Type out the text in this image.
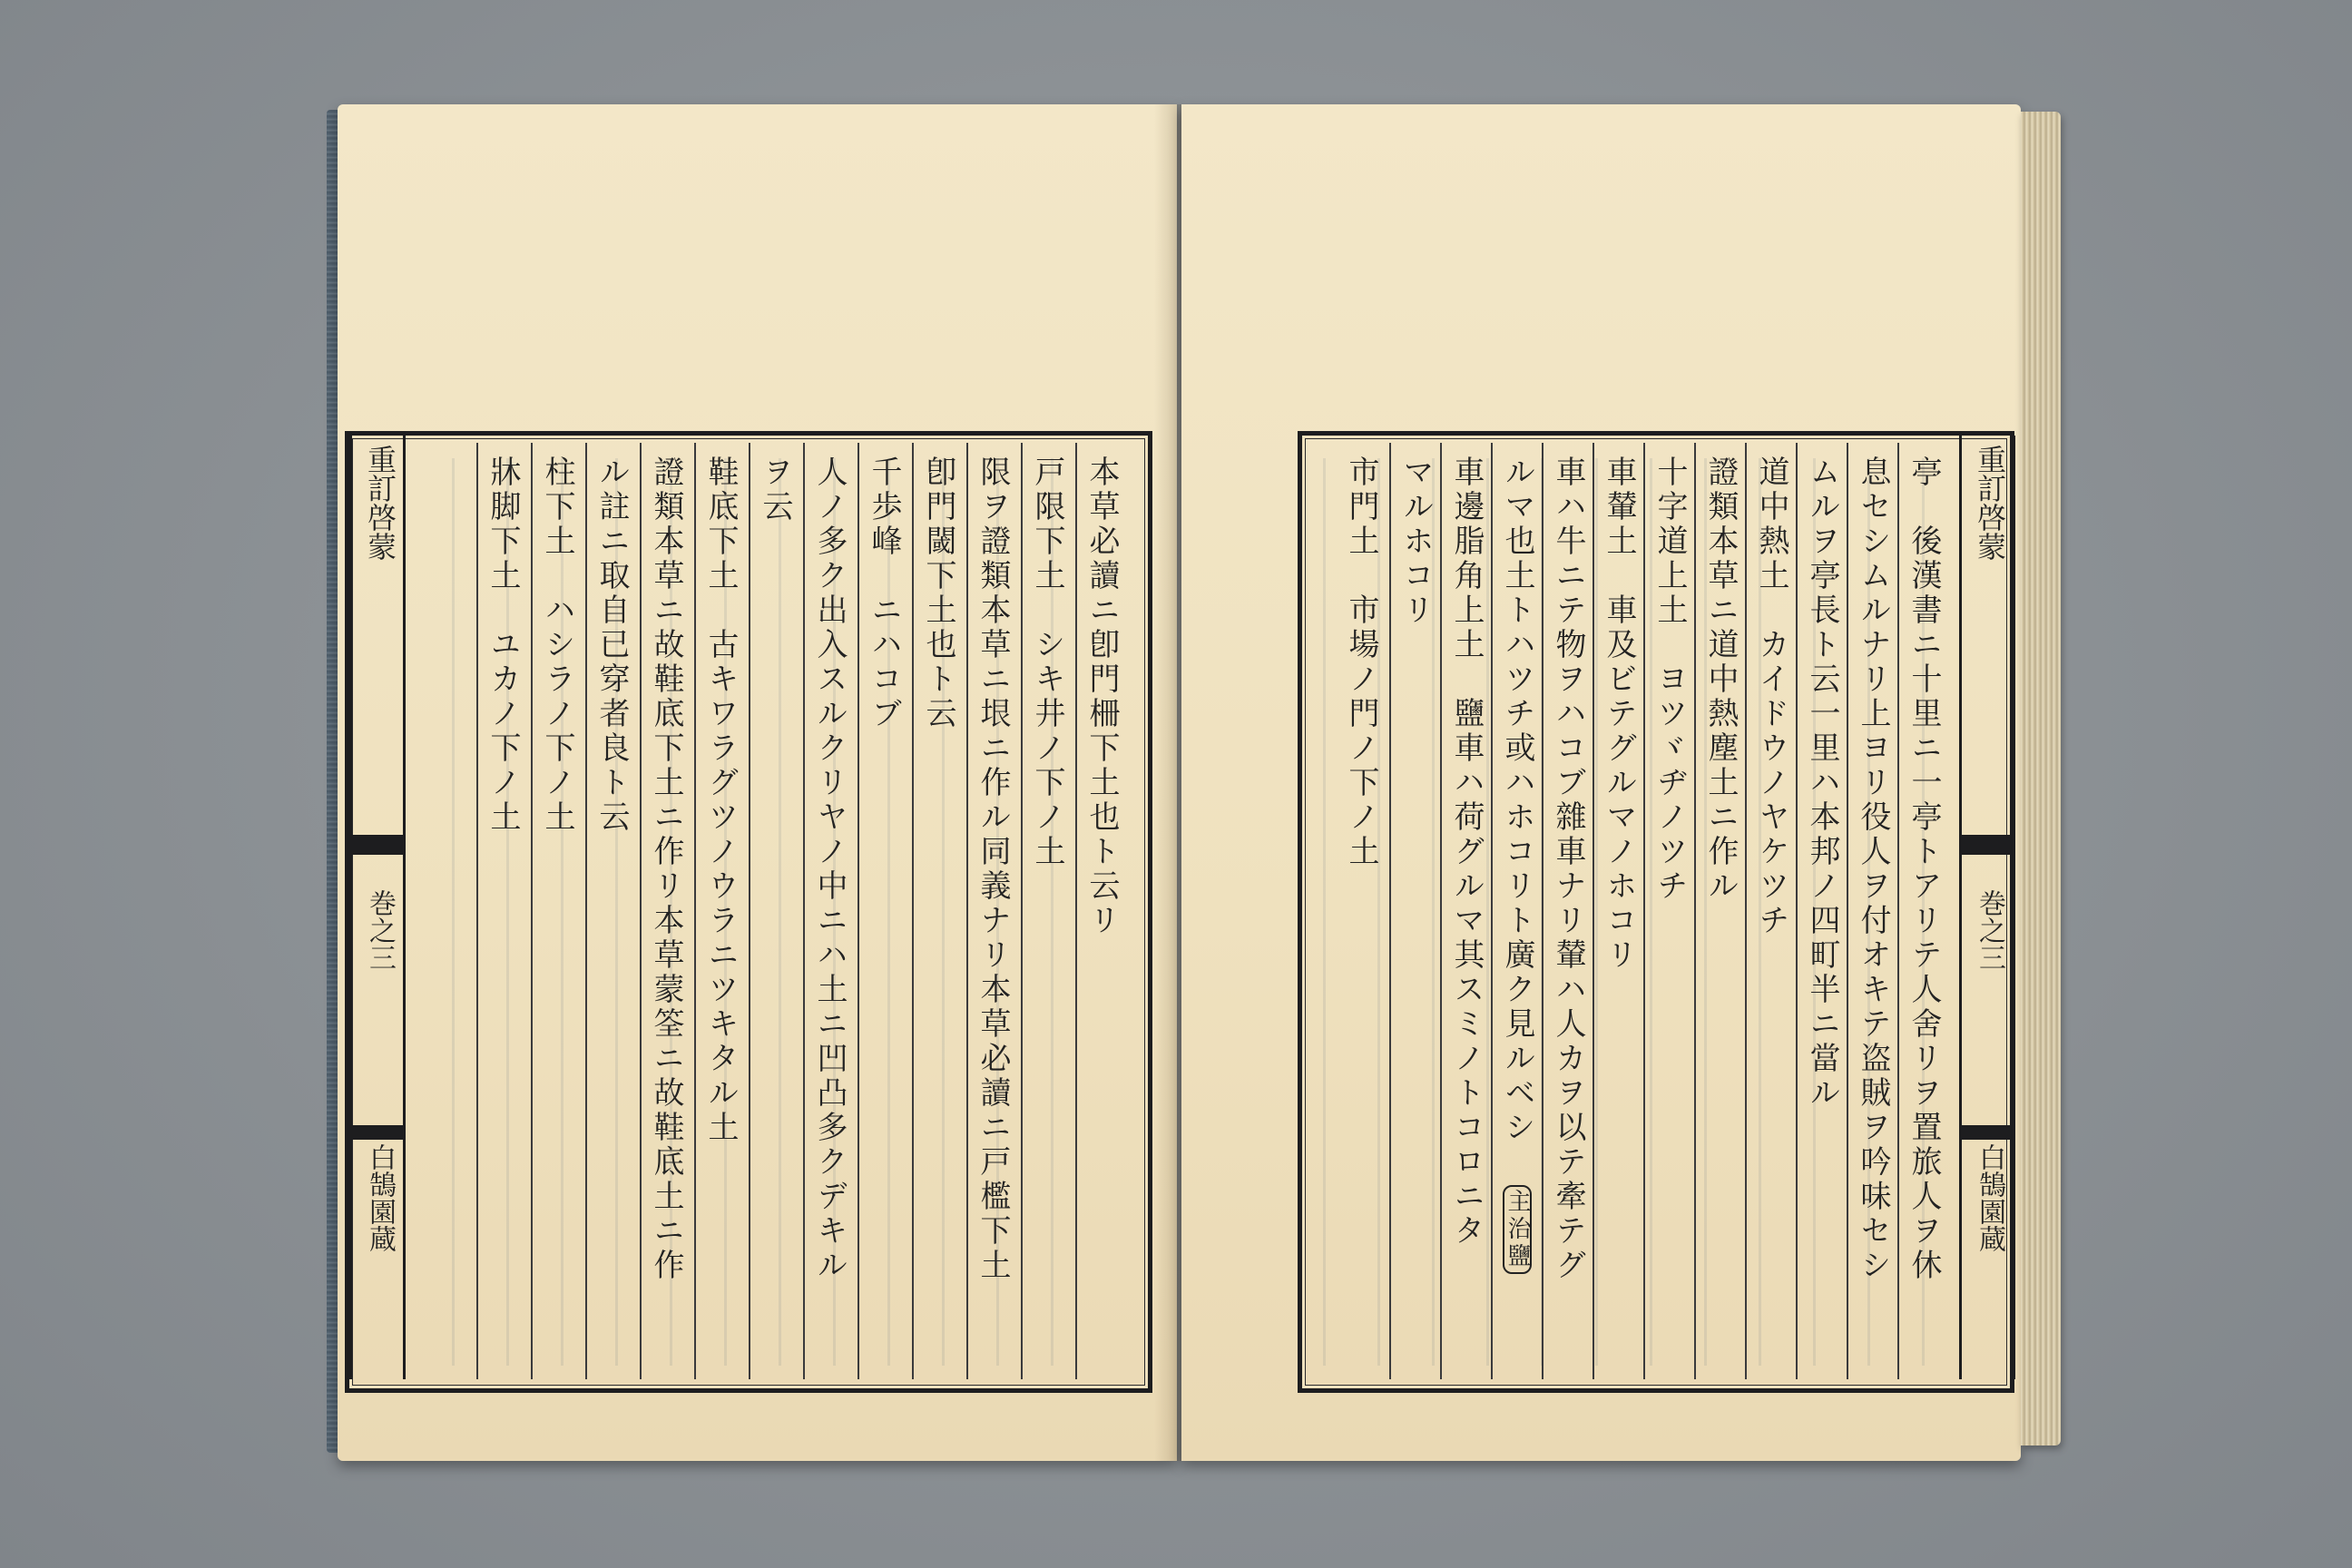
本草必讀ニ卽門柵下土也ト云リ
戸限下土　シキ井ノ下ノ土
限ヲ證類本草ニ垠ニ作ル同義ナリ本草必讀ニ戸檻下土
卽門閾下土也ト云
千歩峰　ニハコブ
人ノ多ク出入スルクリヤノ中ニハ土ニ凹凸多クデキル
ヲ云
鞋底下土　古キワラグツノウラニツキタル土
證類本草ニ故鞋底下土ニ作リ本草蒙筌ニ故鞋底土ニ作
ル註ニ取自已穿者良ト云
柱下土　ハシラノ下ノ土
牀脚下土　ユカノ下ノ土
重訂啓蒙
巻之三
白鵠園蔵
重訂啓蒙
巻之三
白鵠園蔵
亭　後漢書ニ十里ニ一亭トアリテ人舍リヲ置旅人ヲ休
息セシムルナリ上ヨリ役人ヲ付オキテ盗賊ヲ吟味セシ
ムルヲ亭長ト云一里ハ本邦ノ四町半ニ當ル
道中熱土　カイドウノヤケツチ
證類本草ニ道中熱塵土ニ作ル
十字道上土　ヨツヾヂノツチ
車輦土　車及ビテグルマノホコリ
車ハ牛ニテ物ヲハコブ雜車ナリ輦ハ人カヲ以テ牽テグ
ルマ也土トハツチ或ハホコリト廣ク見ルベシ 主治鹽
車邊脂角上土　鹽車ハ荷グルマ其スミノトコロニタ
マルホコリ
市門土　市場ノ門ノ下ノ土
